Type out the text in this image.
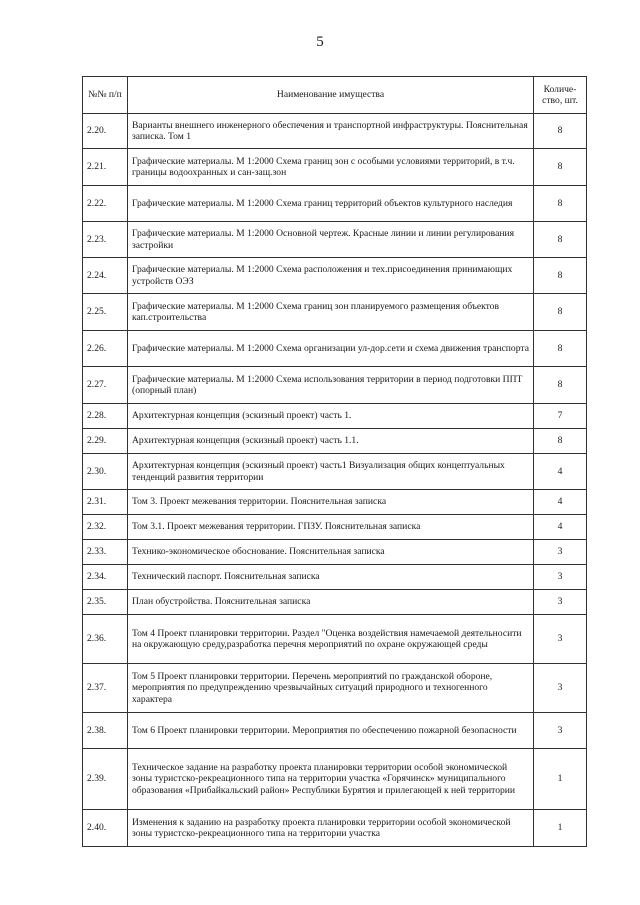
5
№№ п/п	Наименование имущества	Количе-ство, шт.
2.20.	Варианты внешнего инженерного обеспечения и транспортной инфраструктуры. Пояснительная записка. Том 1	8
2.21.	Графические материалы. М 1:2000 Схема границ зон с особыми условиями территорий, в т.ч. границы водоохранных и сан-защ.зон	8
2.22.	Графические материалы. М 1:2000 Схема границ территорий объектов культурного наследия	8
2.23.	Графические материалы. М 1:2000 Основной чертеж. Красные линии и линии регулирования застройки	8
2.24.	Графические материалы. М 1:2000 Схема расположения и тех.присоединения принимающих устройств ОЭЗ	8
2.25.	Графические материалы. М 1:2000 Схема границ зон планируемого размещения объектов кап.строительства	8
2.26.	Графические материалы. М 1:2000 Схема организации ул-дор.сети и схема движения транспорта	8
2.27.	Графические материалы. М 1:2000 Схема использования территории в период подготовки ППТ (опорный план)	8
2.28.	Архитектурная концепция (эскизный проект) часть 1.	7
2.29.	Архитектурная концепция (эскизный проект) часть 1.1.	8
2.30.	Архитектурная концепция (эскизный проект) часть1 Визуализация общих концептуальных тенденций развития территории	4
2.31.	Том 3. Проект межевания территории. Пояснительная записка	4
2.32.	Том 3.1. Проект межевания территории. ГПЗУ. Пояснительная записка	4
2.33.	Технико-экономическое обоснование. Пояснительная записка	3
2.34.	Технический паспорт. Пояснительная записка	3
2.35.	План обустройства. Пояснительная записка	3
2.36.	Том 4 Проект планировки территории. Раздел "Оценка воздействия намечаемой деятельносити на окружающую среду,разработка перечня мероприятий по охране окружающей среды	3
2.37.	Том 5 Проект планировки территории. Перечень мероприятий по гражданской обороне, мероприятия по предупреждению чрезвычайных ситуаций природного и техногенного характера	3
2.38.	Том 6 Проект планировки территории. Мероприятия по обеспечению пожарной безопасности	3
2.39.	Техническое задание на разработку проекта планировки территории особой экономической зоны туристско-рекреационного типа на территории участка «Горячинск» муниципального образования «Прибайкальский район» Республики Бурятия и прилегающей к ней территории	1
2.40.	Изменения к заданию на разработку проекта планировки территории особой экономической зоны туристско-рекреационного типа на территории участка	1
